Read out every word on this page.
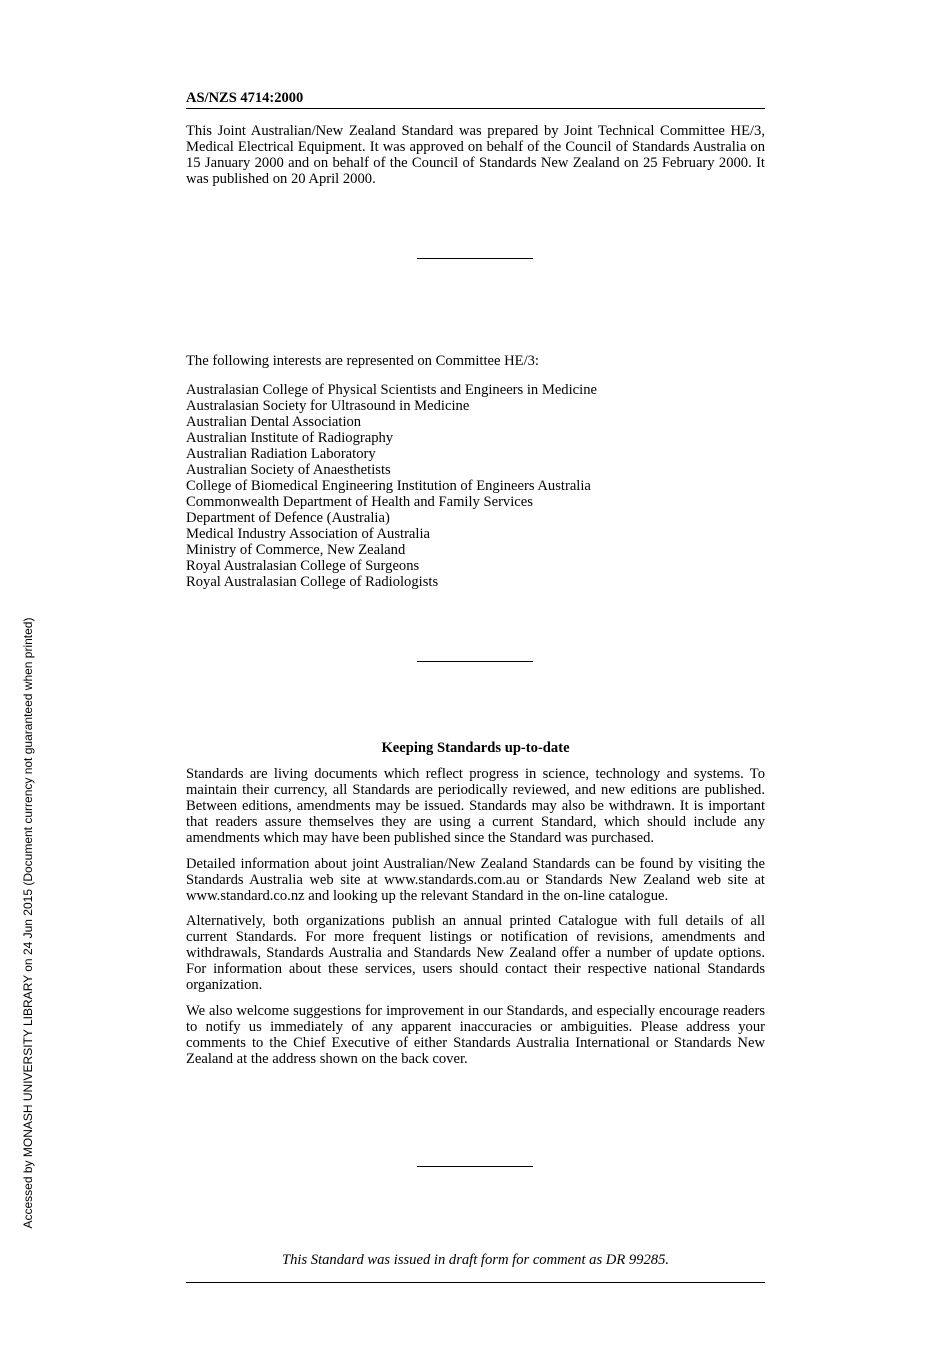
Accessed by MONASH UNIVERSITY LIBRARY on 24 Jun 2015 (Document currency not guaranteed when printed)
AS/NZS 4714:2000

This Joint Australian/New Zealand Standard was prepared by Joint Technical Committee HE/3, Medical Electrical Equipment. It was approved on behalf of the Council of Standards Australia on 15 January 2000 and on behalf of the Council of Standards New Zealand on 25 February 2000. It was published on 20 April 2000.

The following interests are represented on Committee HE/3:
Australasian College of Physical Scientists and Engineers in Medicine
Australasian Society for Ultrasound in Medicine
Australian Dental Association
Australian Institute of Radiography
Australian Radiation Laboratory
Australian Society of Anaesthetists
College of Biomedical Engineering Institution of Engineers Australia
Commonwealth Department of Health and Family Services
Department of Defence (Australia)
Medical Industry Association of Australia
Ministry of Commerce, New Zealand
Royal Australasian College of Surgeons
Royal Australasian College of Radiologists
Keeping Standards up-to-date

Standards are living documents which reflect progress in science, technology and systems. To maintain their currency, all Standards are periodically reviewed, and new editions are published. Between editions, amendments may be issued. Standards may also be withdrawn. It is important that readers assure themselves they are using a current Standard, which should include any amendments which may have been published since the Standard was purchased.

Detailed information about joint Australian/New Zealand Standards can be found by visiting the Standards Australia web site at www.standards.com.au or Standards New Zealand web site at www.standard.co.nz and looking up the relevant Standard in the on-line catalogue.

Alternatively, both organizations publish an annual printed Catalogue with full details of all current Standards. For more frequent listings or notification of revisions, amendments and withdrawals, Standards Australia and Standards New Zealand offer a number of update options. For information about these services, users should contact their respective national Standards organization.

We also welcome suggestions for improvement in our Standards, and especially encourage readers to notify us immediately of any apparent inaccuracies or ambiguities. Please address your comments to the Chief Executive of either Standards Australia International or Standards New Zealand at the address shown on the back cover.

This Standard was issued in draft form for comment as DR 99285.
